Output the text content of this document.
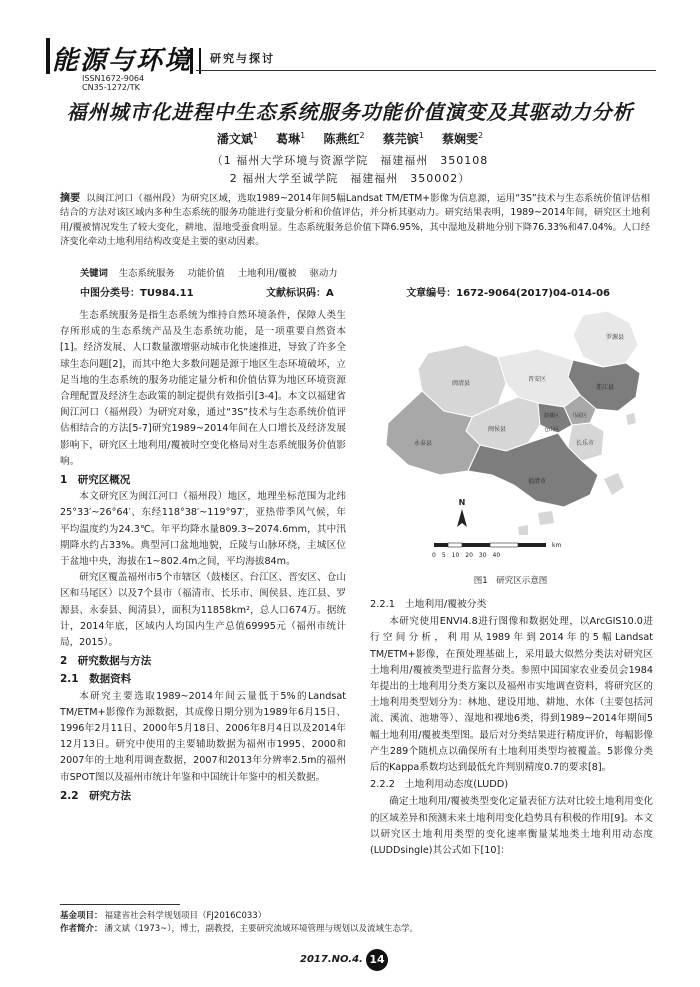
能源与环境
ISSN1672-9064
CN35-1272/TK
研究与探讨
福州城市化进程中生态系统服务功能价值演变及其驱动力分析
潘文斌$^1$ 葛琳$^1$ 陈燕红$^2$ 蔡芫镔$^1$ 蔡娴雯$^2$
（1 福州大学环境与资源学院　福建福州　350108
2 福州大学至诚学院　福建福州　350002）
摘要 以闽江河口（福州段）为研究区域，选取1989~2014年间5幅Landsat TM/ETM+影像为信息源，运用“3S”技术与生态系统价值评估相结合的方法对该区域内多种生态系统的服务功能进行变量分析和价值评估，并分析其驱动力。研究结果表明，1989~2014年间，研究区土地利用/覆被情况发生了较大变化，耕地、湿地受蚕食明显。生态系统服务总价值下降6.95%，其中湿地及耕地分别下降76.33%和47.04%。人口经济变化牵动土地利用结构改变是主要的驱动因素。
关键词 生态系统服务 功能价值 土地利用/覆被 驱动力
中图分类号：TU984.11	文献标识码：A	文章编号：1672-9064(2017)04-014-06

生态系统服务是指生态系统为维持自然环境条件，保障人类生存所形成的生态系统产品及生态系统功能，是一项重要自然资本[1]。经济发展、人口数量激增驱动城市化快速推进，导致了许多全球生态问题[2]，而其中绝大多数问题是源于地区生态环境破坏，立足当地的生态系统的服务功能定量分析和价值估算为地区环境资源合理配置及经济生态政策的制定提供有效指引[3-4]。本文以福建省闽江河口（福州段）为研究对象，通过“3S”技术与生态系统价值评估相结合的方法[5-7]研究1989~2014年间在人口增长及经济发展影响下，研究区土地利用/覆被时空变化格局对生态系统服务价值影响。

1　研究区概况

本文研究区为闽江河口（福州段）地区，地理坐标范围为北纬25°33′~26°64′、东经118°38′~119°97′，亚热带季风气候，年平均温度约为24.3℃。年平均降水量809.3~2074.6mm，其中汛期降水约占33%。典型河口盆地地貌，丘陵与山脉环绕，主城区位于盆地中央，海拔在1~802.4m之间，平均海拔84m。

研究区覆盖福州市5个市辖区（鼓楼区、台江区、晋安区、仓山区和马尾区）以及7个县市（福清市、长乐市、闽侯县、连江县、罗源县、永泰县、闽清县），面积为11858km²，总人口674万。据统计，2014年底，区域内人均国内生产总值69995元（福州市统计局，2015）。

2　研究数据与方法
2.1　数据资料

本研究主要选取1989~2014年间云量低于5%的Landsat TM/ETM+影像作为源数据，其成像日期分别为1989年6月15日、1996年2月11日、2000年5月18日、2006年8月4日以及2014年12月13日。研究中使用的主要辅助数据为福州市1995、2000和2007年的土地利用调查数据，2007和2013年分辨率2.5m的福州市SPOT图以及福州市统计年鉴和中国统计年鉴中的相关数据。

2.2　研究方法
罗源县
连江县
闽清县
闽侯县
晋安区
马尾区
永泰县
福清市
长乐市
鼓楼区
仓山区
N
0　5　10　20　30　40
km
图1　研究区示意图
2.2.1　土地利用/覆被分类

本研究使用ENVI4.8进行图像和数据处理，以ArcGIS10.0进行空间分析，利用从1989年到2014年的5幅Landsat TM/ETM+影像，在预处理基础上，采用最大似然分类法对研究区土地利用/覆被类型进行监督分类。参照中国国家农业委员会1984年提出的土地利用分类方案以及福州市实地调查资料，将研究区的土地利用类型划分为：林地、建设用地、耕地、水体（主要包括河流、溪流、池塘等）、湿地和裸地6类，得到1989~2014年期间5幅土地利用/覆被类型图。最后对分类结果进行精度评价，每幅影像产生289个随机点以确保所有土地利用类型均被覆盖。5影像分类后的Kappa系数均达到最低允许判别精度0.7的要求[8]。

2.2.2　土地利用动态度(LUDD)

确定土地利用/覆被类型变化定量表征方法对比较土地利用变化的区域差异和预测未来土地利用变化趋势具有积极的作用[9]。本文以研究区土地利用类型的变化速率衡量某地类土地利用动态度(LUDDsingle)其公式如下[10]：

基金项目： 福建省社会科学规划项目（FJ2016C033）
作者简介： 潘文斌（1973~），博士，副教授，主要研究流域环境管理与规划以及流域生态学。
2017.NO.4. 14
